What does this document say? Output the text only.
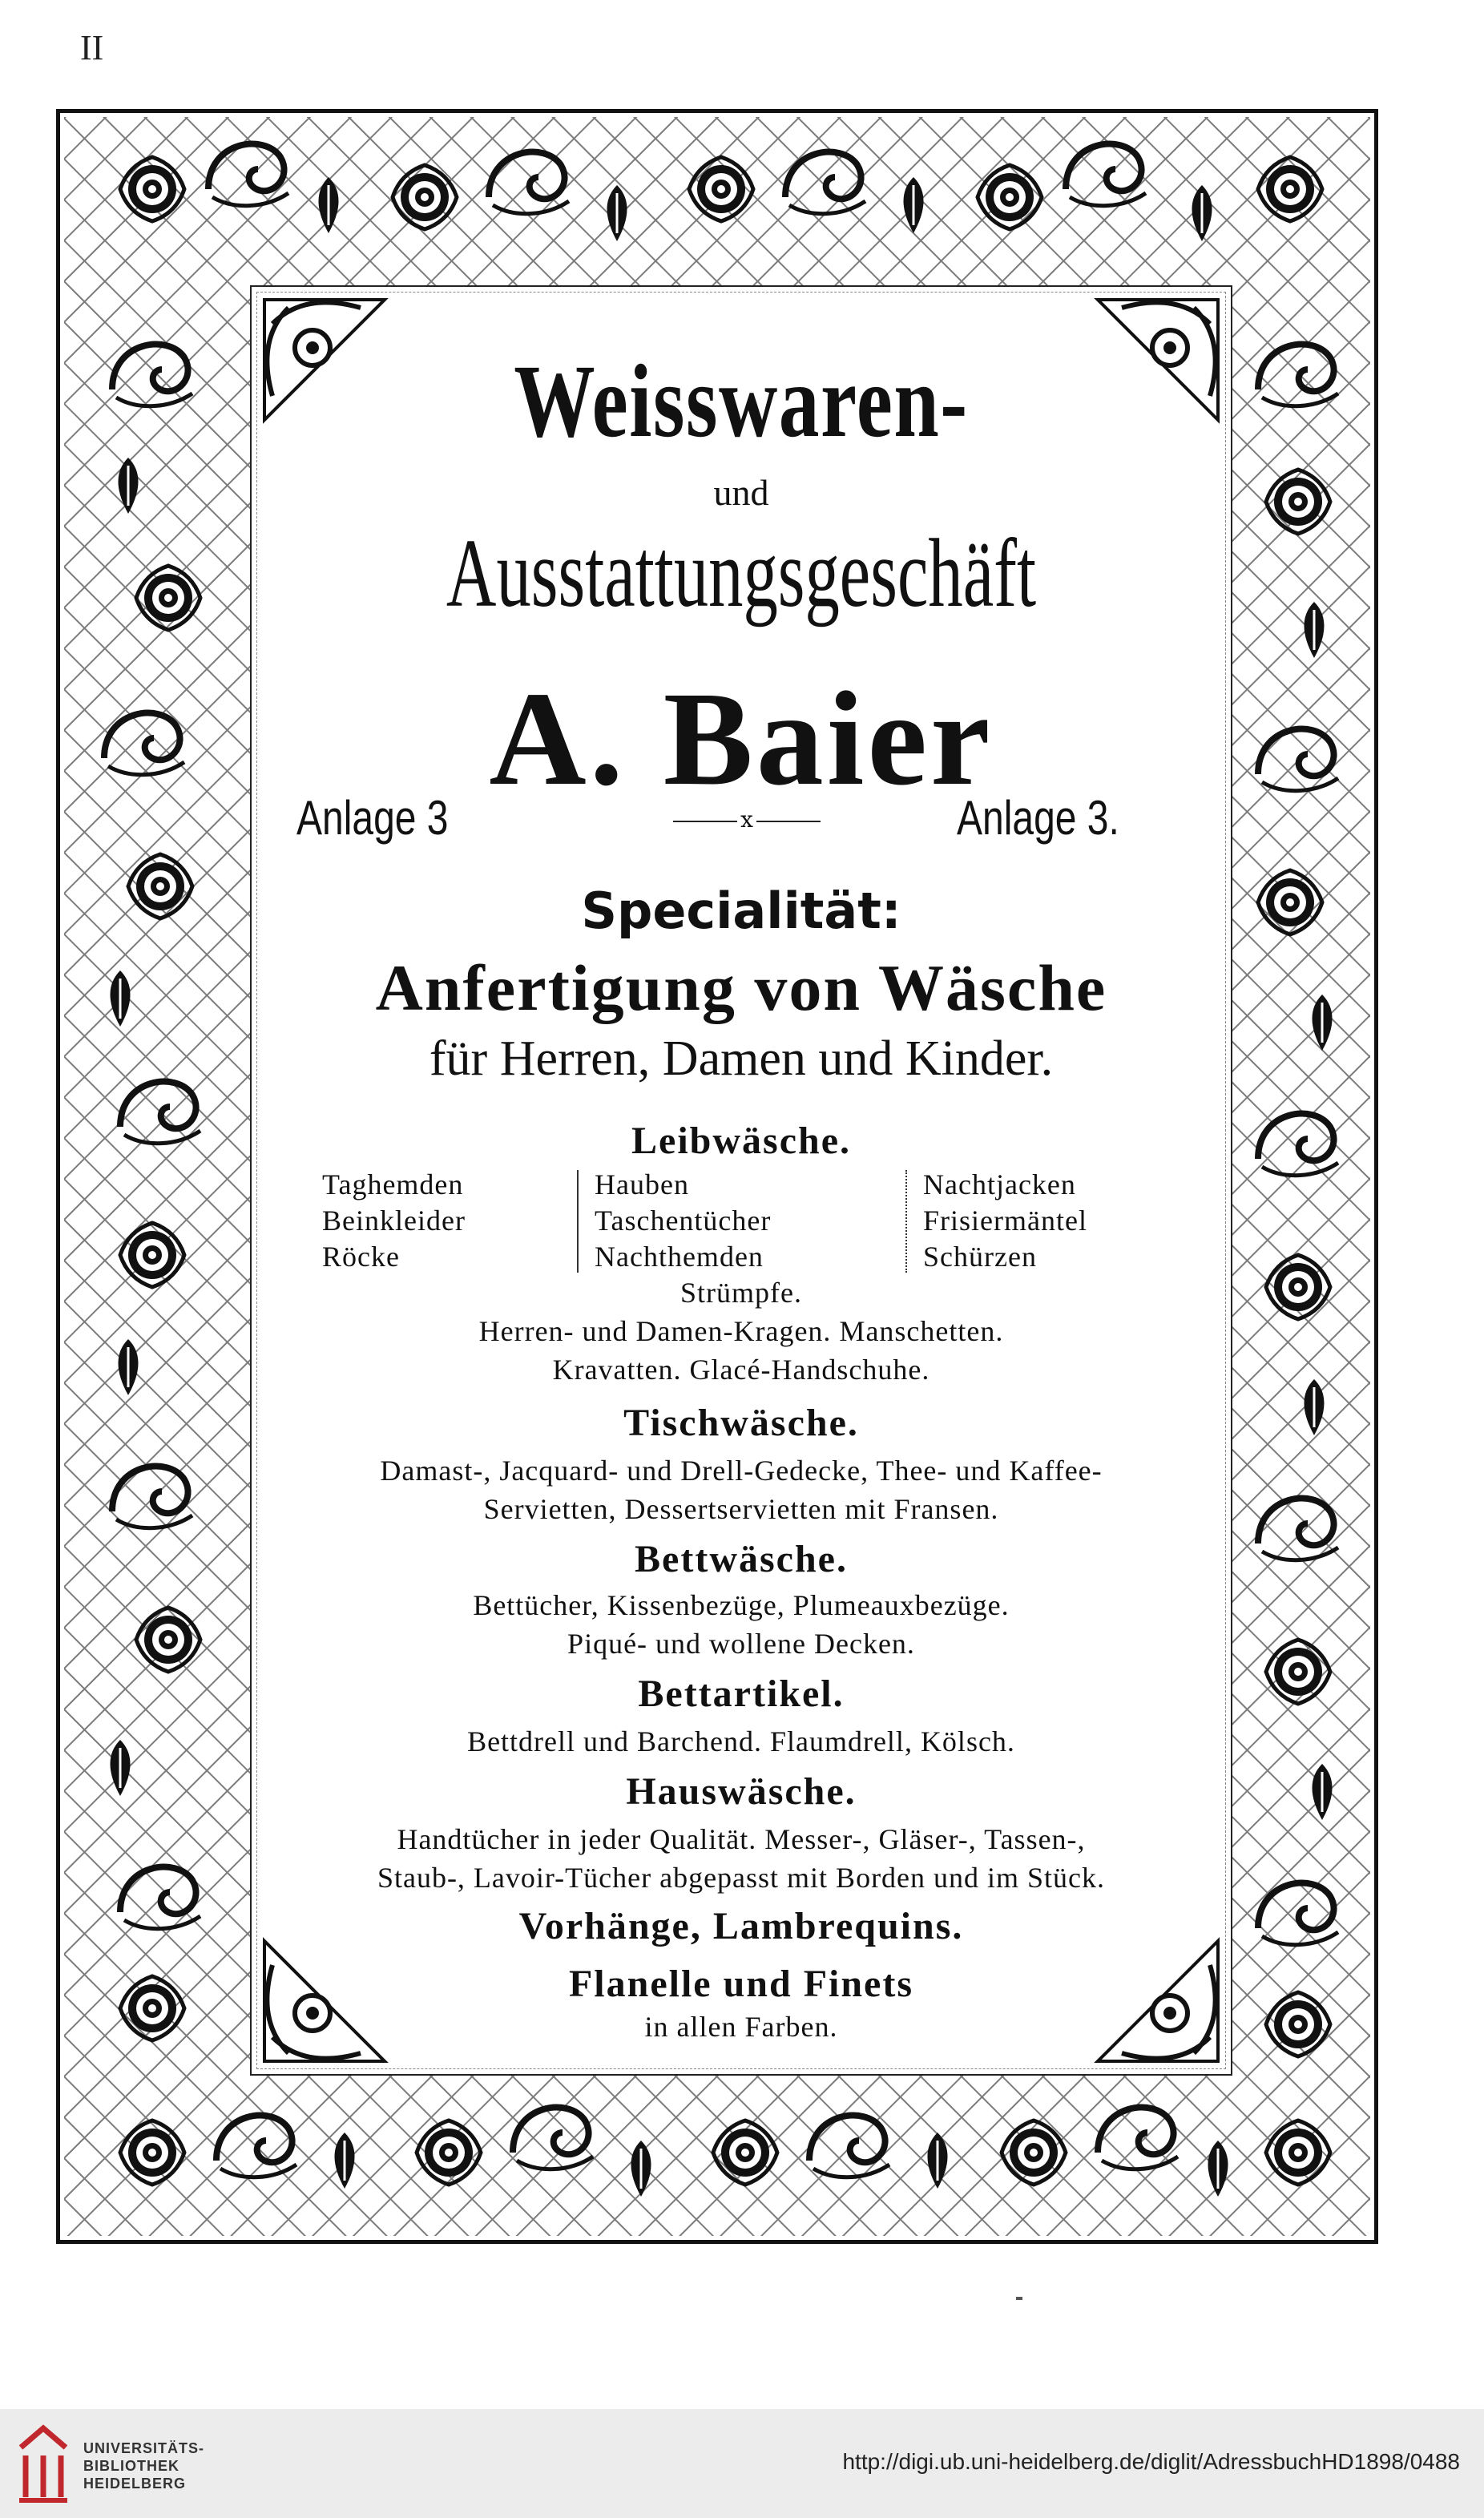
II
Weisswaren-
und
Ausstattungsgeschäft
A. Baier
Anlage 3	x	Anlage 3.
Specialität:
Anfertigung von Wäsche
für Herren, Damen und Kinder.
Leibwäsche.
Taghemden
Beinkleider
Röcke
Hauben
Taschentücher
Nachthemden
Nachtjacken
Frisiermäntel
Schürzen
Strümpfe.
Herren- und Damen-Kragen. Manschetten.
Kravatten. Glacé-Handschuhe.
Tischwäsche.
Damast-, Jacquard- und Drell-Gedecke, Thee- und Kaffee-
Servietten, Dessertservietten mit Fransen.
Bettwäsche.
Bettücher, Kissenbezüge, Plumeauxbezüge.
Piqué- und wollene Decken.
Bettartikel.
Bettdrell und Barchend. Flaumdrell, Kölsch.
Hauswäsche.
Handtücher in jeder Qualität. Messer-, Gläser-, Tassen-,
Staub-, Lavoir-Tücher abgepasst mit Borden und im Stück.
Vorhänge, Lambrequins.
Flanelle und Finets
in allen Farben.
UNIVERSITÄTS-
BIBLIOTHEK
HEIDELBERG
http://digi.ub.uni-heidelberg.de/diglit/AdressbuchHD1898/0488
